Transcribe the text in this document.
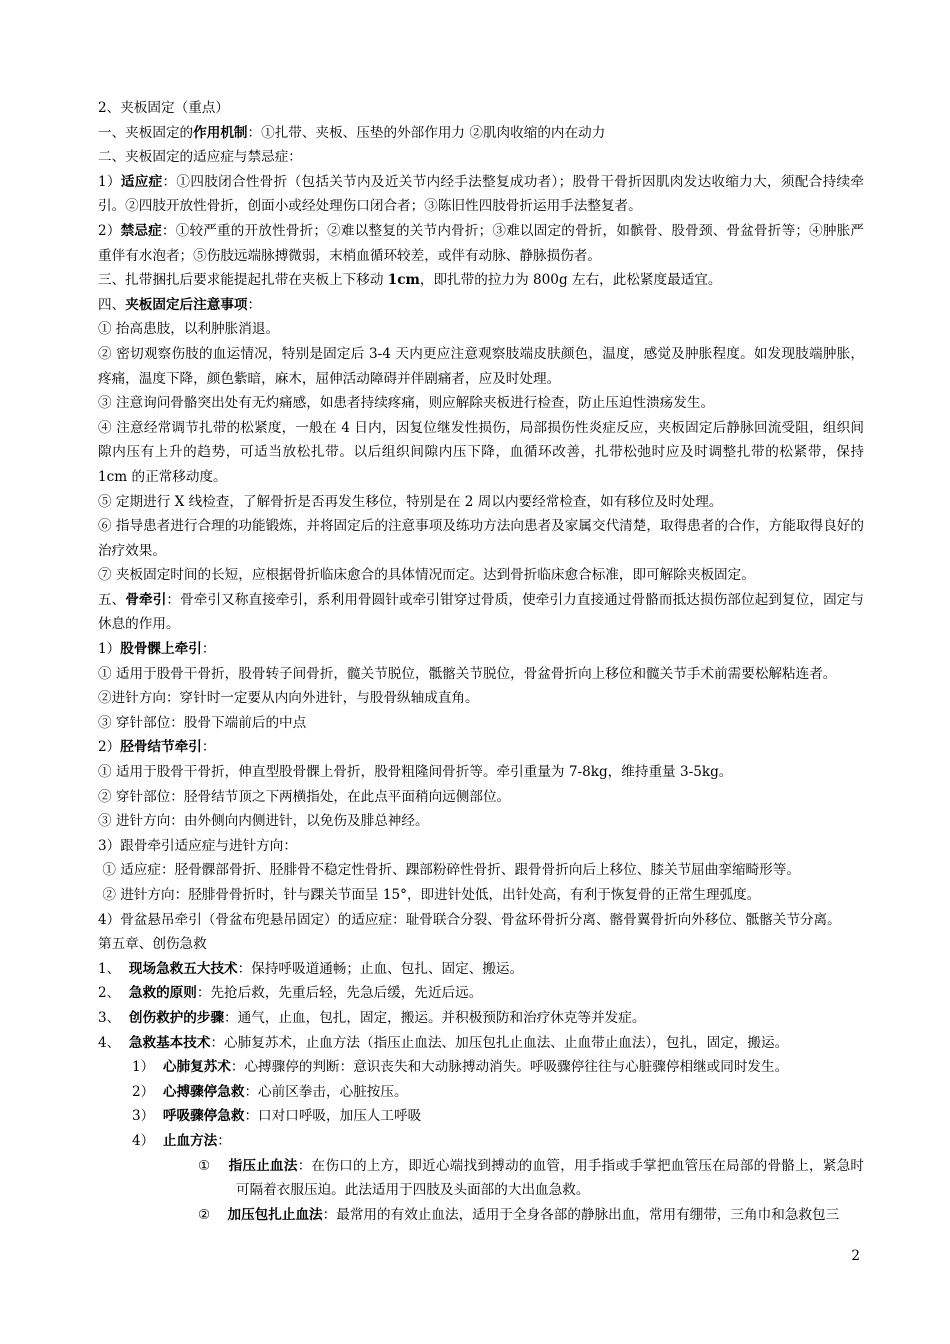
2、夹板固定（重点）
一、夹板固定的作用机制：①扎带、夹板、压垫的外部作用力 ②肌肉收缩的内在动力
二、夹板固定的适应症与禁忌症：
1）适应症：①四肢闭合性骨折（包括关节内及近关节内经手法整复成功者）；股骨干骨折因肌肉发达收缩力大，须配合持续牵引。②四肢开放性骨折，创面小或经处理伤口闭合者；③陈旧性四肢骨折运用手法整复者。
2）禁忌症：①较严重的开放性骨折；②难以整复的关节内骨折；③难以固定的骨折，如髌骨、股骨颈、骨盆骨折等；④肿胀严重伴有水泡者；⑤伤肢远端脉搏微弱，末梢血循环较差，或伴有动脉、静脉损伤者。
三、扎带捆扎后要求能提起扎带在夹板上下移动 1cm，即扎带的拉力为 800g 左右，此松紧度最适宜。
四、夹板固定后注意事项：
① 抬高患肢，以利肿胀消退。
② 密切观察伤肢的血运情况，特别是固定后 3-4 天内更应注意观察肢端皮肤颜色，温度，感觉及肿胀程度。如发现肢端肿胀，疼痛，温度下降，颜色紫暗，麻木，屈伸活动障碍并伴剧痛者，应及时处理。
③ 注意询问骨骼突出处有无灼痛感，如患者持续疼痛，则应解除夹板进行检查，防止压迫性溃疡发生。
④ 注意经常调节扎带的松紧度，一般在 4 日内，因复位继发性损伤，局部损伤性炎症反应，夹板固定后静脉回流受阻，组织间隙内压有上升的趋势，可适当放松扎带。以后组织间隙内压下降，血循环改善，扎带松弛时应及时调整扎带的松紧带，保持 1cm 的正常移动度。
⑤ 定期进行 X 线检查，了解骨折是否再发生移位，特别是在 2 周以内要经常检查，如有移位及时处理。
⑥ 指导患者进行合理的功能锻炼，并将固定后的注意事项及练功方法向患者及家属交代清楚，取得患者的合作，方能取得良好的治疗效果。
⑦ 夹板固定时间的长短，应根据骨折临床愈合的具体情况而定。达到骨折临床愈合标准，即可解除夹板固定。
五、骨牵引：骨牵引又称直接牵引，系利用骨圆针或牵引钳穿过骨质，使牵引力直接通过骨骼而抵达损伤部位起到复位，固定与休息的作用。
1）股骨髁上牵引：
① 适用于股骨干骨折，股骨转子间骨折，髋关节脱位，骶髂关节脱位，骨盆骨折向上移位和髋关节手术前需要松解粘连者。
②进针方向：穿针时一定要从内向外进针，与股骨纵轴成直角。
③ 穿针部位：股骨下端前后的中点
2）胫骨结节牵引：
① 适用于股骨干骨折，伸直型股骨髁上骨折，股骨粗隆间骨折等。牵引重量为 7-8kg，维持重量 3-5kg。
② 穿针部位：胫骨结节顶之下两横指处，在此点平面稍向远侧部位。
③ 进针方向：由外侧向内侧进针，以免伤及腓总神经。
3）跟骨牵引适应症与进针方向：
① 适应症：胫骨髁部骨折、胫腓骨不稳定性骨折、踝部粉碎性骨折、跟骨骨折向后上移位、膝关节屈曲挛缩畸形等。
② 进针方向：胫腓骨骨折时，针与踝关节面呈 15°，即进针处低，出针处高，有利于恢复骨的正常生理弧度。
4）骨盆悬吊牵引（骨盆布兜悬吊固定）的适应症：耻骨联合分裂、骨盆环骨折分离、髂骨翼骨折向外移位、骶髂关节分离。
第五章、创伤急救
1、  现场急救五大技术：保持呼吸道通畅；止血、包扎、固定、搬运。
2、  急救的原则：先抢后救，先重后轻，先急后缓，先近后远。
3、  创伤救护的步骤：通气，止血，包扎，固定，搬运。并积极预防和治疗休克等并发症。
4、  急救基本技术：心肺复苏术，止血方法（指压止血法、加压包扎止血法、止血带止血法），包扎，固定，搬运。
1）  心肺复苏术：心搏骤停的判断：意识丧失和大动脉搏动消失。呼吸骤停往往与心脏骤停相继或同时发生。
2）  心搏骤停急救：心前区拳击，心脏按压。
3）  呼吸骤停急救：口对口呼吸，加压人工呼吸
4）  止血方法：
①    指压止血法：在伤口的上方，即近心端找到搏动的血管，用手指或手掌把血管压在局部的骨骼上，紧急时可隔着衣服压迫。此法适用于四肢及头面部的大出血急救。
②    加压包扎止血法：最常用的有效止血法，适用于全身各部的静脉出血，常用有绷带，三角巾和急救包三
2
